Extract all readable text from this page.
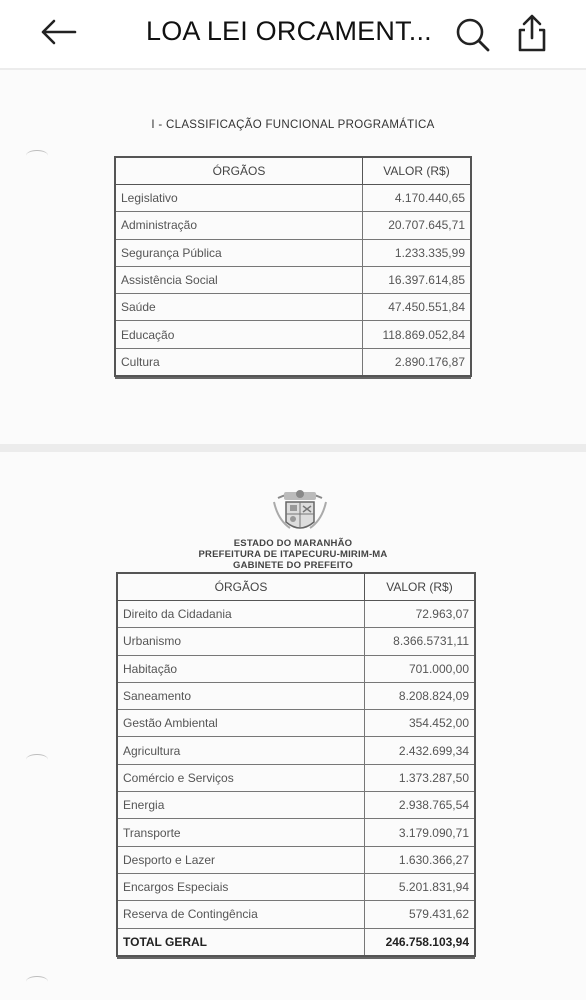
LOA LEI ORCAMENT...
I - CLASSIFICAÇÃO FUNCIONAL PROGRAMÁTICA
ÓRGÃOS	VALOR (R$)
Legislativo	4.170.440,65
Administração	20.707.645,71
Segurança Pública	1.233.335,99
Assistência Social	16.397.614,85
Saúde	47.450.551,84
Educação	118.869.052,84
Cultura	2.890.176,87
ESTADO DO MARANHÃO
PREFEITURA DE ITAPECURU-MIRIM-MA
GABINETE DO PREFEITO
ÓRGÃOS	VALOR (R$)
Direito da Cidadania	72.963,07
Urbanismo	8.366.5731,11
Habitação	701.000,00
Saneamento	8.208.824,09
Gestão Ambiental	354.452,00
Agricultura	2.432.699,34
Comércio e Serviços	1.373.287,50
Energia	2.938.765,54
Transporte	3.179.090,71
Desporto e Lazer	1.630.366,27
Encargos Especiais	5.201.831,94
Reserva de Contingência	579.431,62
TOTAL GERAL	246.758.103,94
